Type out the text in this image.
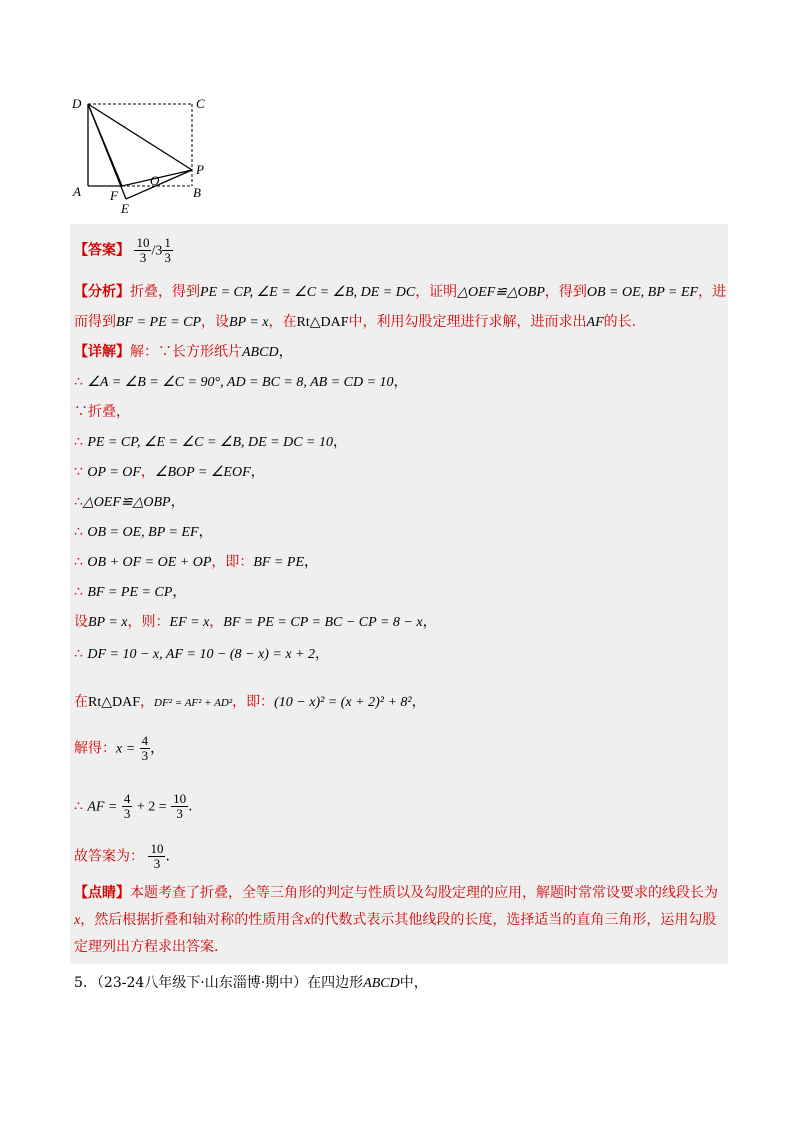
D	C
P
A	B
F
E
O
【答案】 $\frac{10}{3} /3 \frac{1}{3}$
【分析】折叠，得到PE = CP, ∠E = ∠C = ∠B, DE = DC，证明△OEF≌△OBP，得到OB = OE, BP = EF，进
而得到BF = PE = CP，设BP = x，在Rt△DAF中，利用勾股定理进行求解，进而求出AF的长.
【详解】解：∵长方形纸片ABCD，
∴ ∠A = ∠B = ∠C = 90°, AD = BC = 8, AB = CD = 10，
∵折叠，
∴ PE = CP, ∠E = ∠C = ∠B, DE = DC = 10，
∵ OP = OF，∠BOP = ∠EOF，
∴△OEF≌△OBP，
∴ OB = OE, BP = EF，
∴ OB + OF = OE + OP，即：BF = PE，
∴ BF = PE = CP，
设BP = x，则：EF = x，BF = PE = CP = BC − CP = 8 − x，
∴ DF = 10 − x, AF = 10 − (8 − x) = x + 2，
在Rt△DAF，DF² = AF² + AD²，即：(10 − x)² = (x + 2)² + 8²，
解得：$x = \frac{4}{3}$ ，
∴ AF = $\frac{4}{3} + 2 = \frac{10}{3}$ .
故答案为： $\frac{10}{3}$ .
【点睛】本题考查了折叠，全等三角形的判定与性质以及勾股定理的应用，解题时常常设要求的线段长为x，然后根据折叠和轴对称的性质用含x的代数式表示其他线段的长度，选择适当的直角三角形，运用勾股定理列出方程求出答案.
5．（23-24八年级下·山东淄博·期中）在四边形ABCD中，
